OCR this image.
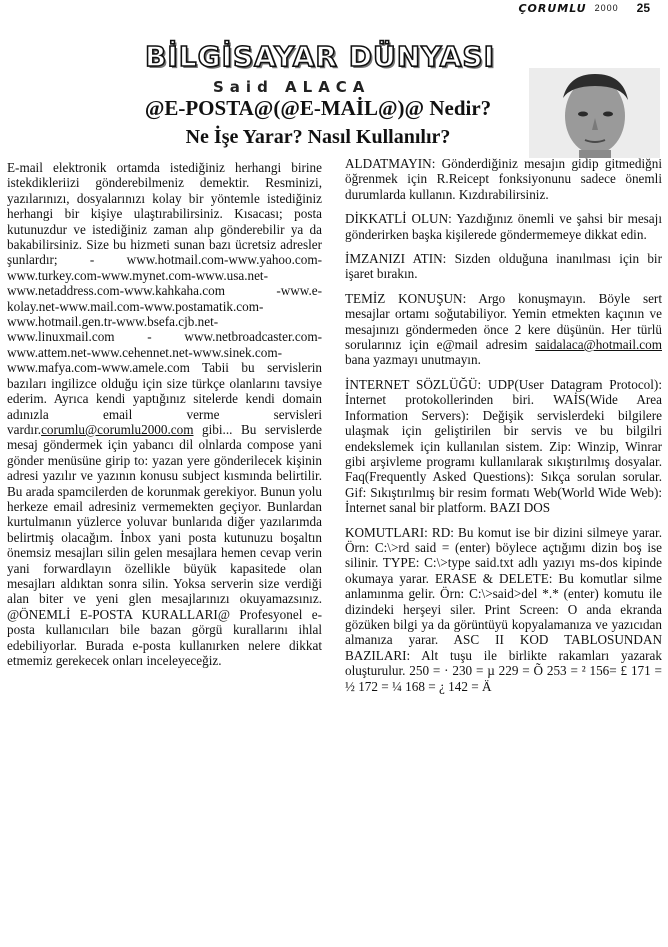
ÇORUMLU 2000 25
BİLGİSAYAR DÜNYASI
Said ALACA
@E-POSTA@(@E-MAİL@)@ Nedir?
Ne İşe Yarar? Nasıl Kullanılır?

E-mail elektronik ortamda istediğiniz herhangi birine istekdikleriizi gönderebilmeniz demektir. Resminizi, yazılarınızı, dosyalarınızı kolay bir yöntemle istediğiniz herhangi bir kişiye ulaştırabilirsiniz. Kısacası; posta kutunuzdur ve istediğiniz zaman alıp gönderebilir ya da bakabilirsiniz. Size bu hizmeti sunan bazı ücretsiz adresler şunlardır; - www.hotmail.com-www.yahoo.com-www.turkey.com-www.mynet.com-www.usa.net-www.netaddress.com-www.kahkaha.com -www.e-kolay.net-www.mail.com-www.postamatik.com-www.hotmail.gen.tr-www.bsefa.cjb.net-www.linuxmail.com - www.netbroadcaster.com-www.attem.net-www.cehennet.net-www.sinek.com-www.mafya.com-www.amele.com Tabii bu servislerin bazıları ingilizce olduğu için size türkçe olanlarını tavsiye ederim. Ayrıca kendi yaptığınız sitelerde kendi domain adınızla email verme servisleri vardır.corumlu@corumlu2000.com gibi... Bu servislerde mesaj göndermek için yabancı dil olnlarda compose yani gönder menüsüne girip to: yazan yere gönderilecek kişinin adresi yazılır ve yazının konusu subject kısmında belirtilir. Bu arada spamcilerden de korunmak gerekiyor. Bunun yolu herkeze email adresiniz vermemekten geçiyor. Bunlardan kurtulmanın yüzlerce yoluvar bunlarıda diğer yazılarımda belirtmiş olacağım. İnbox yani posta kutunuzu boşaltın önemsiz mesajları silin gelen mesajlara hemen cevap verin yani forwardlayın özellikle büyük kapasitede olan mesajları aldıktan sonra silin. Yoksa serverin size verdiği alan biter ve yeni glen mesajlarınızı okuyamazsınız. @ÖNEMLİ E-POSTA KURALLARI@ Profesyonel e-posta kullanıcıları bile bazan görgü kurallarını ihlal edebiliyorlar. Burada e-posta kullanırken nelere dikkat etmemiz gerekecek onları inceleyeceğiz.

ALDATMAYIN: Gönderdiğiniz mesajın gidip gitmediğni öğrenmek için R.Reicept fonksiyonunu sadece önemli durumlarda kullanın. Kızdırabilirsiniz.

DİKKATLİ OLUN: Yazdığınız önemli ve şahsi bir mesajı gönderirken başka kişilerede göndermemeye dikkat edin.

İMZANIZI ATIN: Sizden olduğuna inanılması için bir işaret bırakın.

TEMİZ KONUŞUN: Argo konuşmayın. Böyle sert mesajlar ortamı soğutabiliyor. Yemin etmekten kaçının ve mesajınızı göndermeden önce 2 kere düşünün. Her türlü sorularınız için e@mail adresim saidalaca@hotmail.com bana yazmayı unutmayın.

İNTERNET SÖZLÜĞÜ: UDP(User Datagram Protocol): İnternet protokollerinden biri. WAİS(Wide Area Information Servers): Değişik servislerdeki bilgilere ulaşmak için geliştirilen bir servis ve bu bilgilri endekslemek için kullanılan sistem. Zip: Winzip, Winrar gibi arşivleme programı kullanılarak sıkıştırılmış dosyalar. Faq(Frequently Asked Questions): Sıkça sorulan sorular. Gif: Sıkıştırılmış bir resim formatı Web(World Wide Web): İnternet sanal bir platform. BAZI DOS

KOMUTLARI: RD: Bu komut ise bir dizini silmeye yarar. Örn: C:\>rd said = (enter) böylece açtığımı dizin boş ise silinir. TYPE: C:\>type said.txt adlı yazıyı ms-dos kipinde okumaya yarar. ERASE & DELETE: Bu komutlar silme anlamınma gelir. Örn: C:\>said>del *.* (enter) komutu ile dizindeki herşeyi siler. Print Screen: O anda ekranda gözüken bilgi ya da görüntüyü kopyalamanıza ve yazıcıdan almanıza yarar. ASC II KOD TABLOSUNDAN BAZILARI: Alt tuşu ile birlikte rakamları yazarak oluşturulur. 250 = · 230 = µ 229 = Õ 253 = ² 156= £ 171 = ½ 172 = ¼ 168 = ¿ 142 = Ä
